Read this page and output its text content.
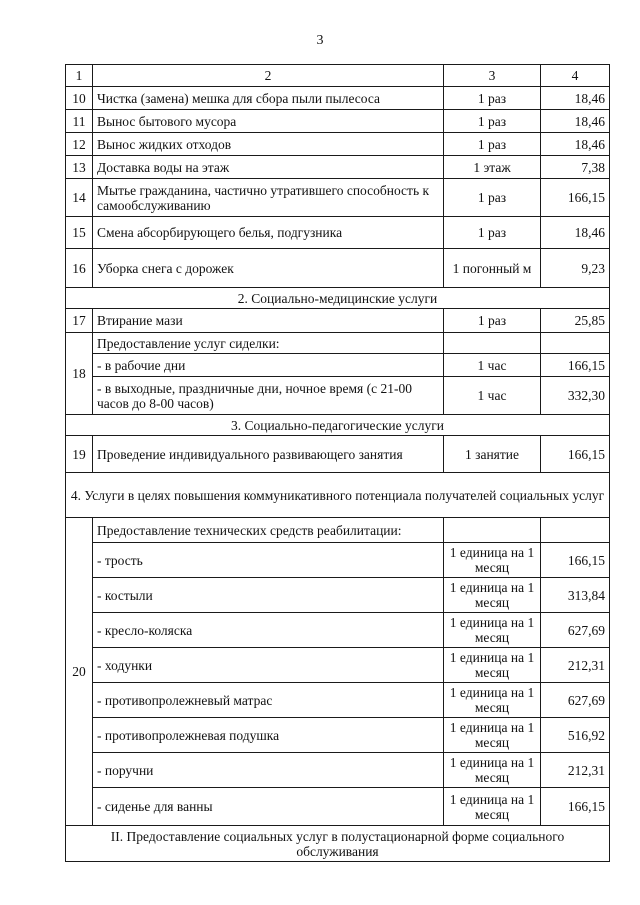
3
1	2	3	4
10	Чистка (замена) мешка для сбора пыли пылесоса	1 раз	18,46
11	Вынос бытового мусора	1 раз	18,46
12	Вынос жидких отходов	1 раз	18,46
13	Доставка воды на этаж	1 этаж	7,38
14	Мытье гражданина, частично утратившего способность к самообслуживанию	1 раз	166,15
15	Смена абсорбирующего белья, подгузника	1 раз	18,46
16	Уборка снега с дорожек	1 погонный м	9,23
2. Социально-медицинские услуги			
17	Втирание мази	1 раз	25,85
18	Предоставление услуг сиделки:		
	- в рабочие дни	1 час	166,15
	- в выходные, праздничные дни, ночное время (с 21-00 часов до 8-00 часов)	1 час	332,30
3. Социально-педагогические услуги			
19	Проведение индивидуального развивающего занятия	1 занятие	166,15
4. Услуги в целях повышения коммуникативного потенциала получателей социальных услуг			
20	Предоставление технических средств реабилитации:		
	- трость	1 единица на 1 месяц	166,15
	- костыли	1 единица на 1 месяц	313,84
	- кресло-коляска	1 единица на 1 месяц	627,69
	- ходунки	1 единица на 1 месяц	212,31
	- противопролежневый матрас	1 единица на 1 месяц	627,69
	- противопролежневая подушка	1 единица на 1 месяц	516,92
	- поручни	1 единица на 1 месяц	212,31
	- сиденье для ванны	1 единица на 1 месяц	166,15
II. Предоставление социальных услуг в полустационарной форме социального обслуживания			
